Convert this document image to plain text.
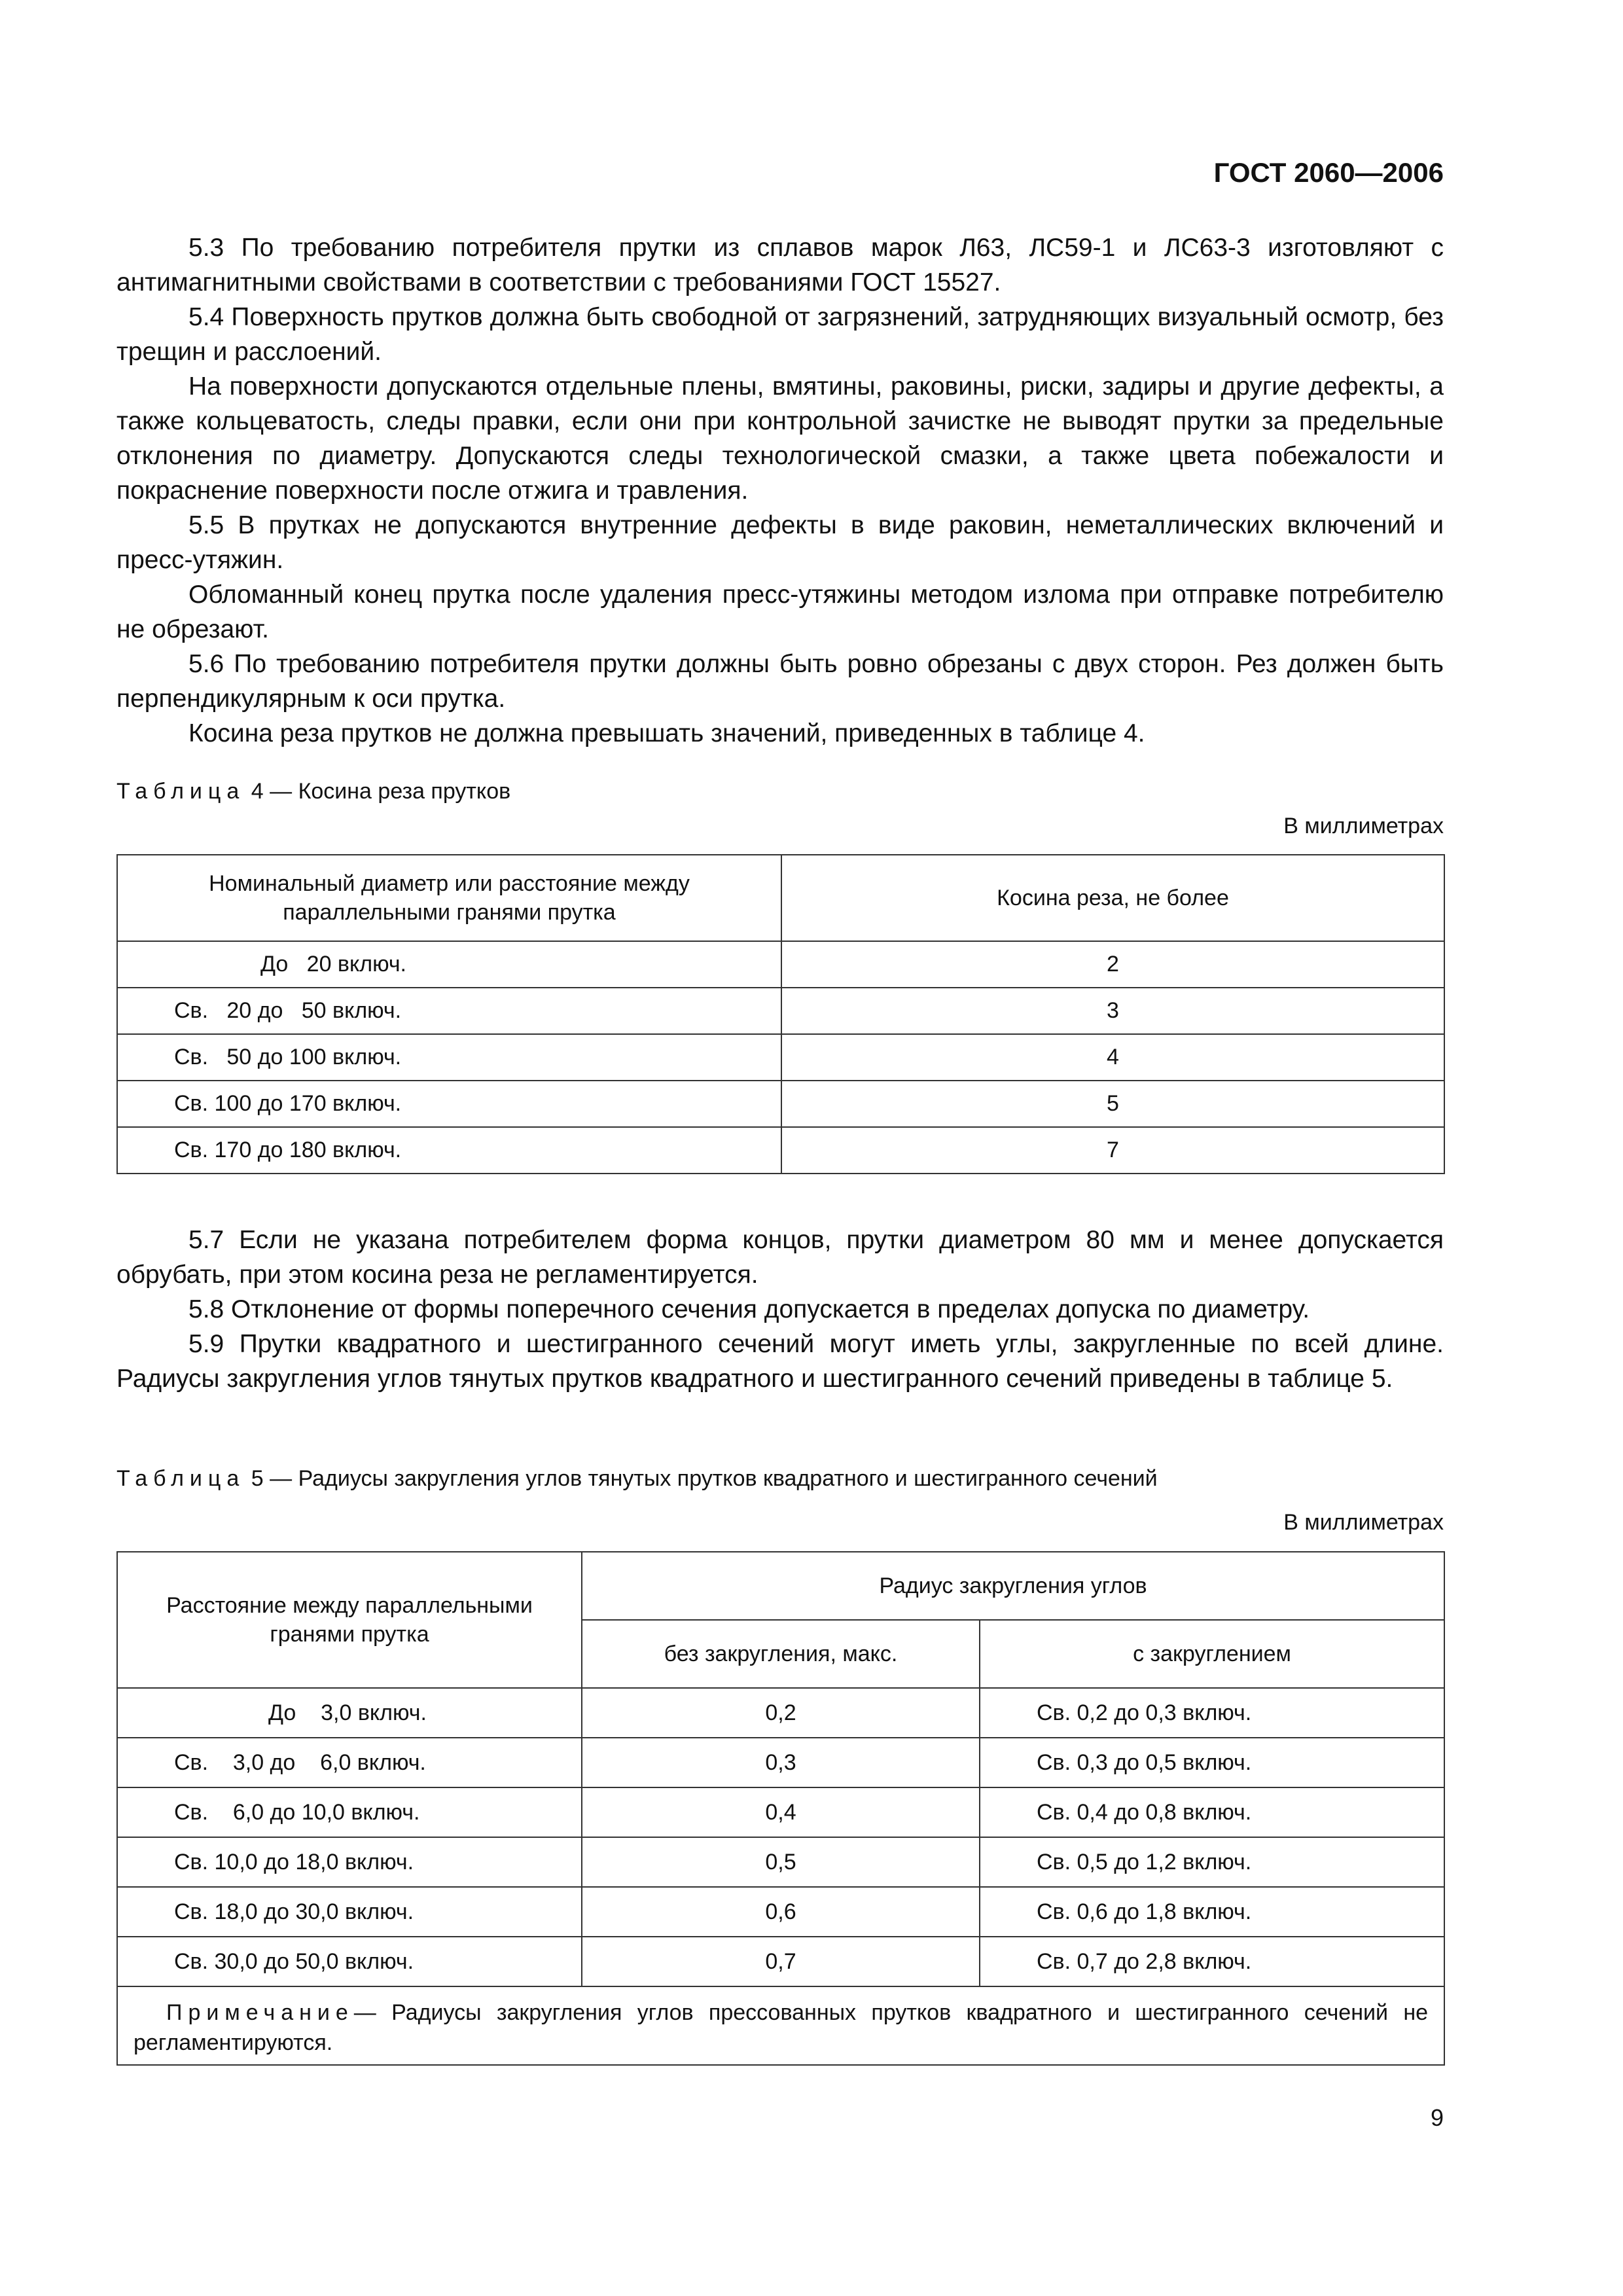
ГОСТ 2060—2006

5.3 По требованию потребителя прутки из сплавов марок Л63, ЛС59-1 и ЛС63-3 изготовляют с антимагнитными свойствами в соответствии с требованиями ГОСТ 15527.

5.4 Поверхность прутков должна быть свободной от загрязнений, затрудняющих визуальный осмотр, без трещин и расслоений.

На поверхности допускаются отдельные плены, вмятины, раковины, риски, задиры и другие дефекты, а также кольцеватость, следы правки, если они при контрольной зачистке не выводят прутки за предельные отклонения по диаметру. Допускаются следы технологической смазки, а также цвета побежалости и покраснение поверхности после отжига и травления.

5.5 В прутках не допускаются внутренние дефекты в виде раковин, неметаллических включений и пресс-утяжин.

Обломанный конец прутка после удаления пресс-утяжины методом излома при отправке потребителю не обрезают.

5.6 По требованию потребителя прутки должны быть ровно обрезаны с двух сторон. Рез должен быть перпендикулярным к оси прутка.

Косина реза прутков не должна превышать значений, приведенных в таблице 4.

Таблица 4 — Косина реза прутков
В миллиметрах
Номинальный диаметр или расстояние между параллельными гранями прутка	Косина реза, не более
До   20 включ.	2
Св.   20 до   50 включ.	3
Св.   50 до 100 включ.	4
Св. 100 до 170 включ.	5
Св. 170 до 180 включ.	7

5.7 Если не указана потребителем форма концов, прутки диаметром 80 мм и менее допускается обрубать, при этом косина реза не регламентируется.

5.8 Отклонение от формы поперечного сечения допускается в пределах допуска по диаметру.

5.9 Прутки квадратного и шестигранного сечений могут иметь углы, закругленные по всей длине. Радиусы закругления углов тянутых прутков квадратного и шестигранного сечений приведены в таблице 5.

Таблица 5 — Радиусы закругления углов тянутых прутков квадратного и шестигранного сечений
В миллиметрах
Расстояние между параллельными гранями прутка	Радиус закругления углов	
	без закругления, макс.	с закруглением
До    3,0 включ.	0,2	Св. 0,2 до 0,3 включ.
Св.    3,0 до    6,0 включ.	0,3	Св. 0,3 до 0,5 включ.
Св.    6,0 до 10,0 включ.	0,4	Св. 0,4 до 0,8 включ.
Св. 10,0 до 18,0 включ.	0,5	Св. 0,5 до 1,2 включ.
Св. 18,0 до 30,0 включ.	0,6	Св. 0,6 до 1,8 включ.
Св. 30,0 до 50,0 включ.	0,7	Св. 0,7 до 2,8 включ.
Примечание— Радиусы закругления углов прессованных прутков квадратного и шестигранного сечений не регламентируются.		
9
